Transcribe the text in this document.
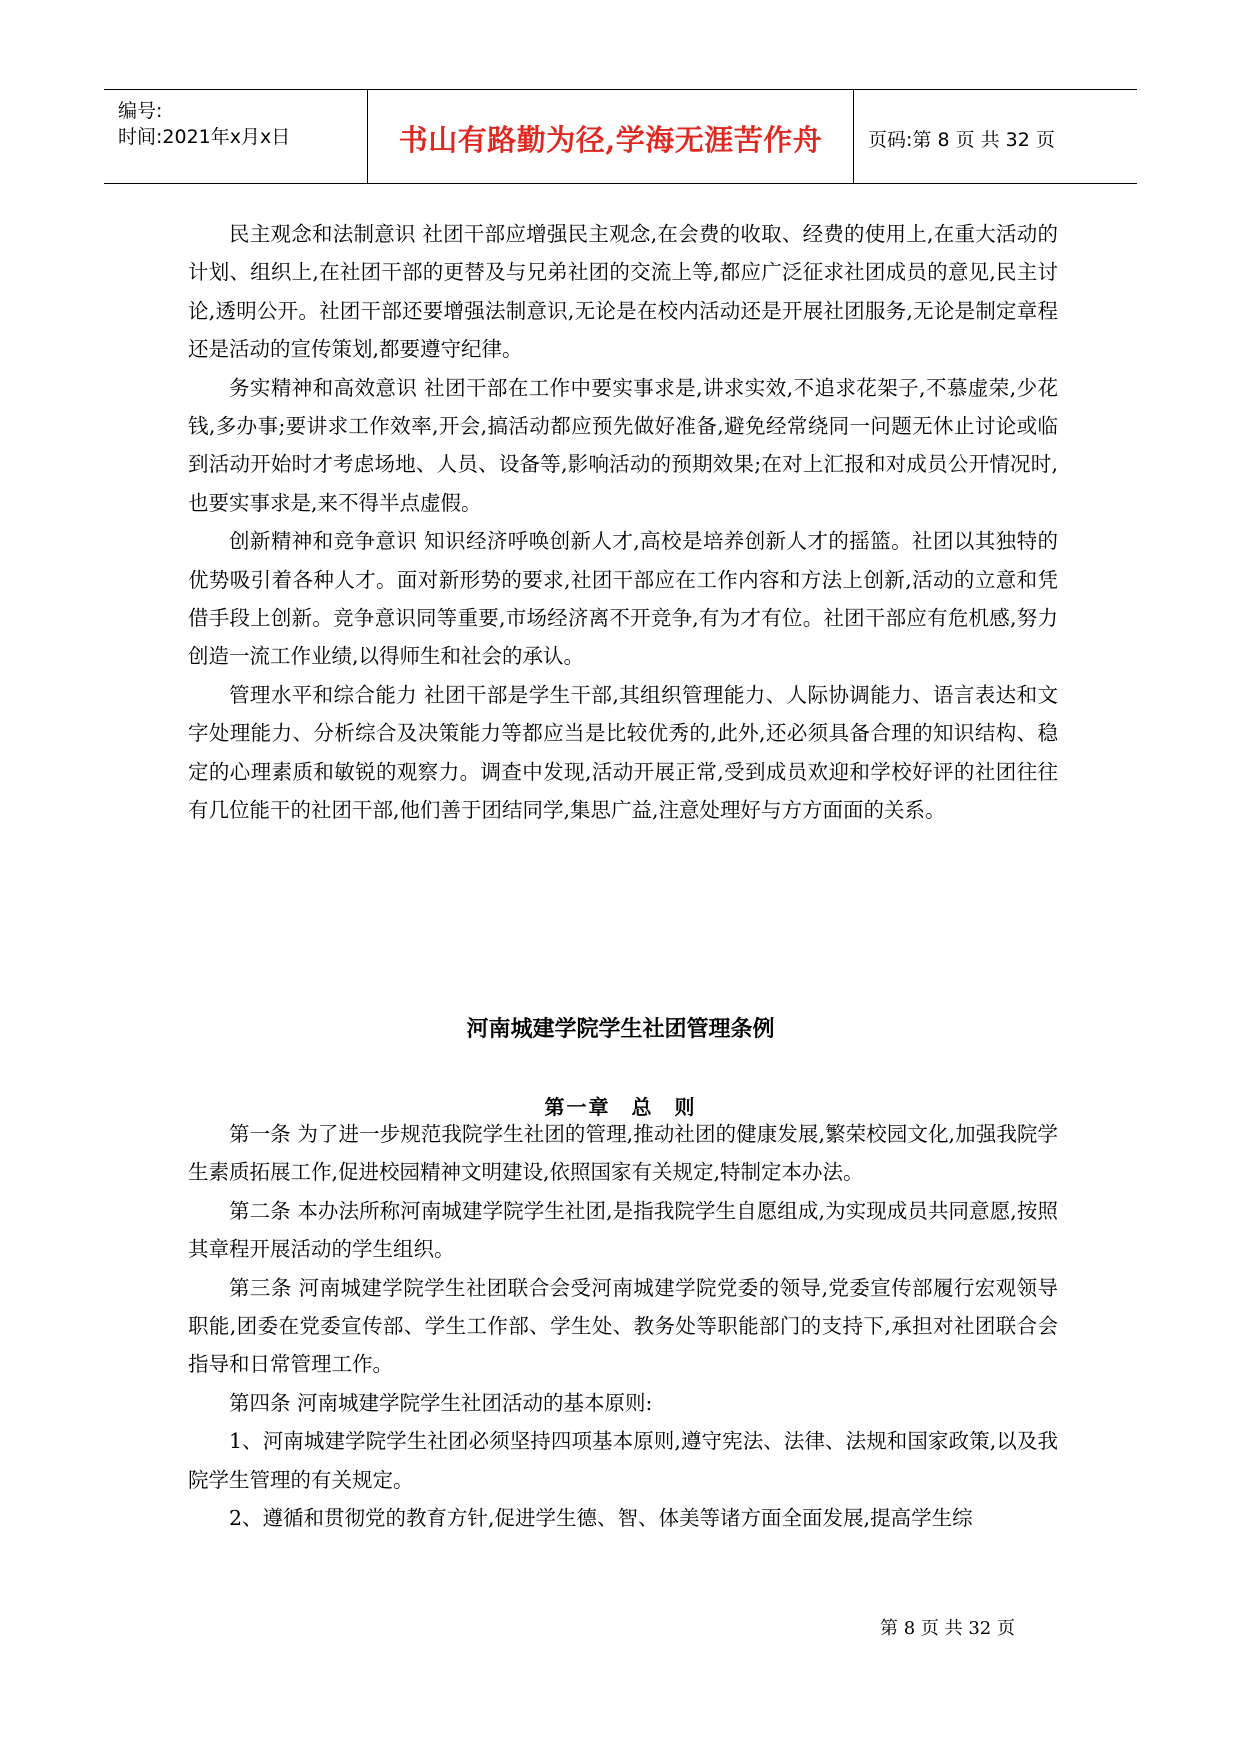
编号:
时间:2021年x月x日	书山有路勤为径,学海无涯苦作舟	页码:第 8 页 共 32 页

民主观念和法制意识 社团干部应增强民主观念,在会费的收取、经费的使用上,在重大活动的计划、组织上,在社团干部的更替及与兄弟社团的交流上等,都应广泛征求社团成员的意见,民主讨论,透明公开。社团干部还要增强法制意识,无论是在校内活动还是开展社团服务,无论是制定章程还是活动的宣传策划,都要遵守纪律。

务实精神和高效意识 社团干部在工作中要实事求是,讲求实效,不追求花架子,不慕虚荣,少花钱,多办事;要讲求工作效率,开会,搞活动都应预先做好准备,避免经常绕同一问题无休止讨论或临到活动开始时才考虑场地、人员、设备等,影响活动的预期效果;在对上汇报和对成员公开情况时,也要实事求是,来不得半点虚假。

创新精神和竞争意识 知识经济呼唤创新人才,高校是培养创新人才的摇篮。社团以其独特的优势吸引着各种人才。面对新形势的要求,社团干部应在工作内容和方法上创新,活动的立意和凭借手段上创新。竞争意识同等重要,市场经济离不开竞争,有为才有位。社团干部应有危机感,努力创造一流工作业绩,以得师生和社会的承认。

管理水平和综合能力 社团干部是学生干部,其组织管理能力、人际协调能力、语言表达和文字处理能力、分析综合及决策能力等都应当是比较优秀的,此外,还必须具备合理的知识结构、稳定的心理素质和敏锐的观察力。调查中发现,活动开展正常,受到成员欢迎和学校好评的社团往往有几位能干的社团干部,他们善于团结同学,集思广益,注意处理好与方方面面的关系。

河南城建学院学生社团管理条例
第一章 总 则

第一条 为了进一步规范我院学生社团的管理,推动社团的健康发展,繁荣校园文化,加强我院学生素质拓展工作,促进校园精神文明建设,依照国家有关规定,特制定本办法。

第二条 本办法所称河南城建学院学生社团,是指我院学生自愿组成,为实现成员共同意愿,按照其章程开展活动的学生组织。

第三条 河南城建学院学生社团联合会受河南城建学院党委的领导,党委宣传部履行宏观领导职能,团委在党委宣传部、学生工作部、学生处、教务处等职能部门的支持下,承担对社团联合会指导和日常管理工作。

第四条 河南城建学院学生社团活动的基本原则:

1、河南城建学院学生社团必须坚持四项基本原则,遵守宪法、法律、法规和国家政策,以及我院学生管理的有关规定。

2、遵循和贯彻党的教育方针,促进学生德、智、体美等诸方面全面发展,提高学生综

第 8 页 共 32 页
